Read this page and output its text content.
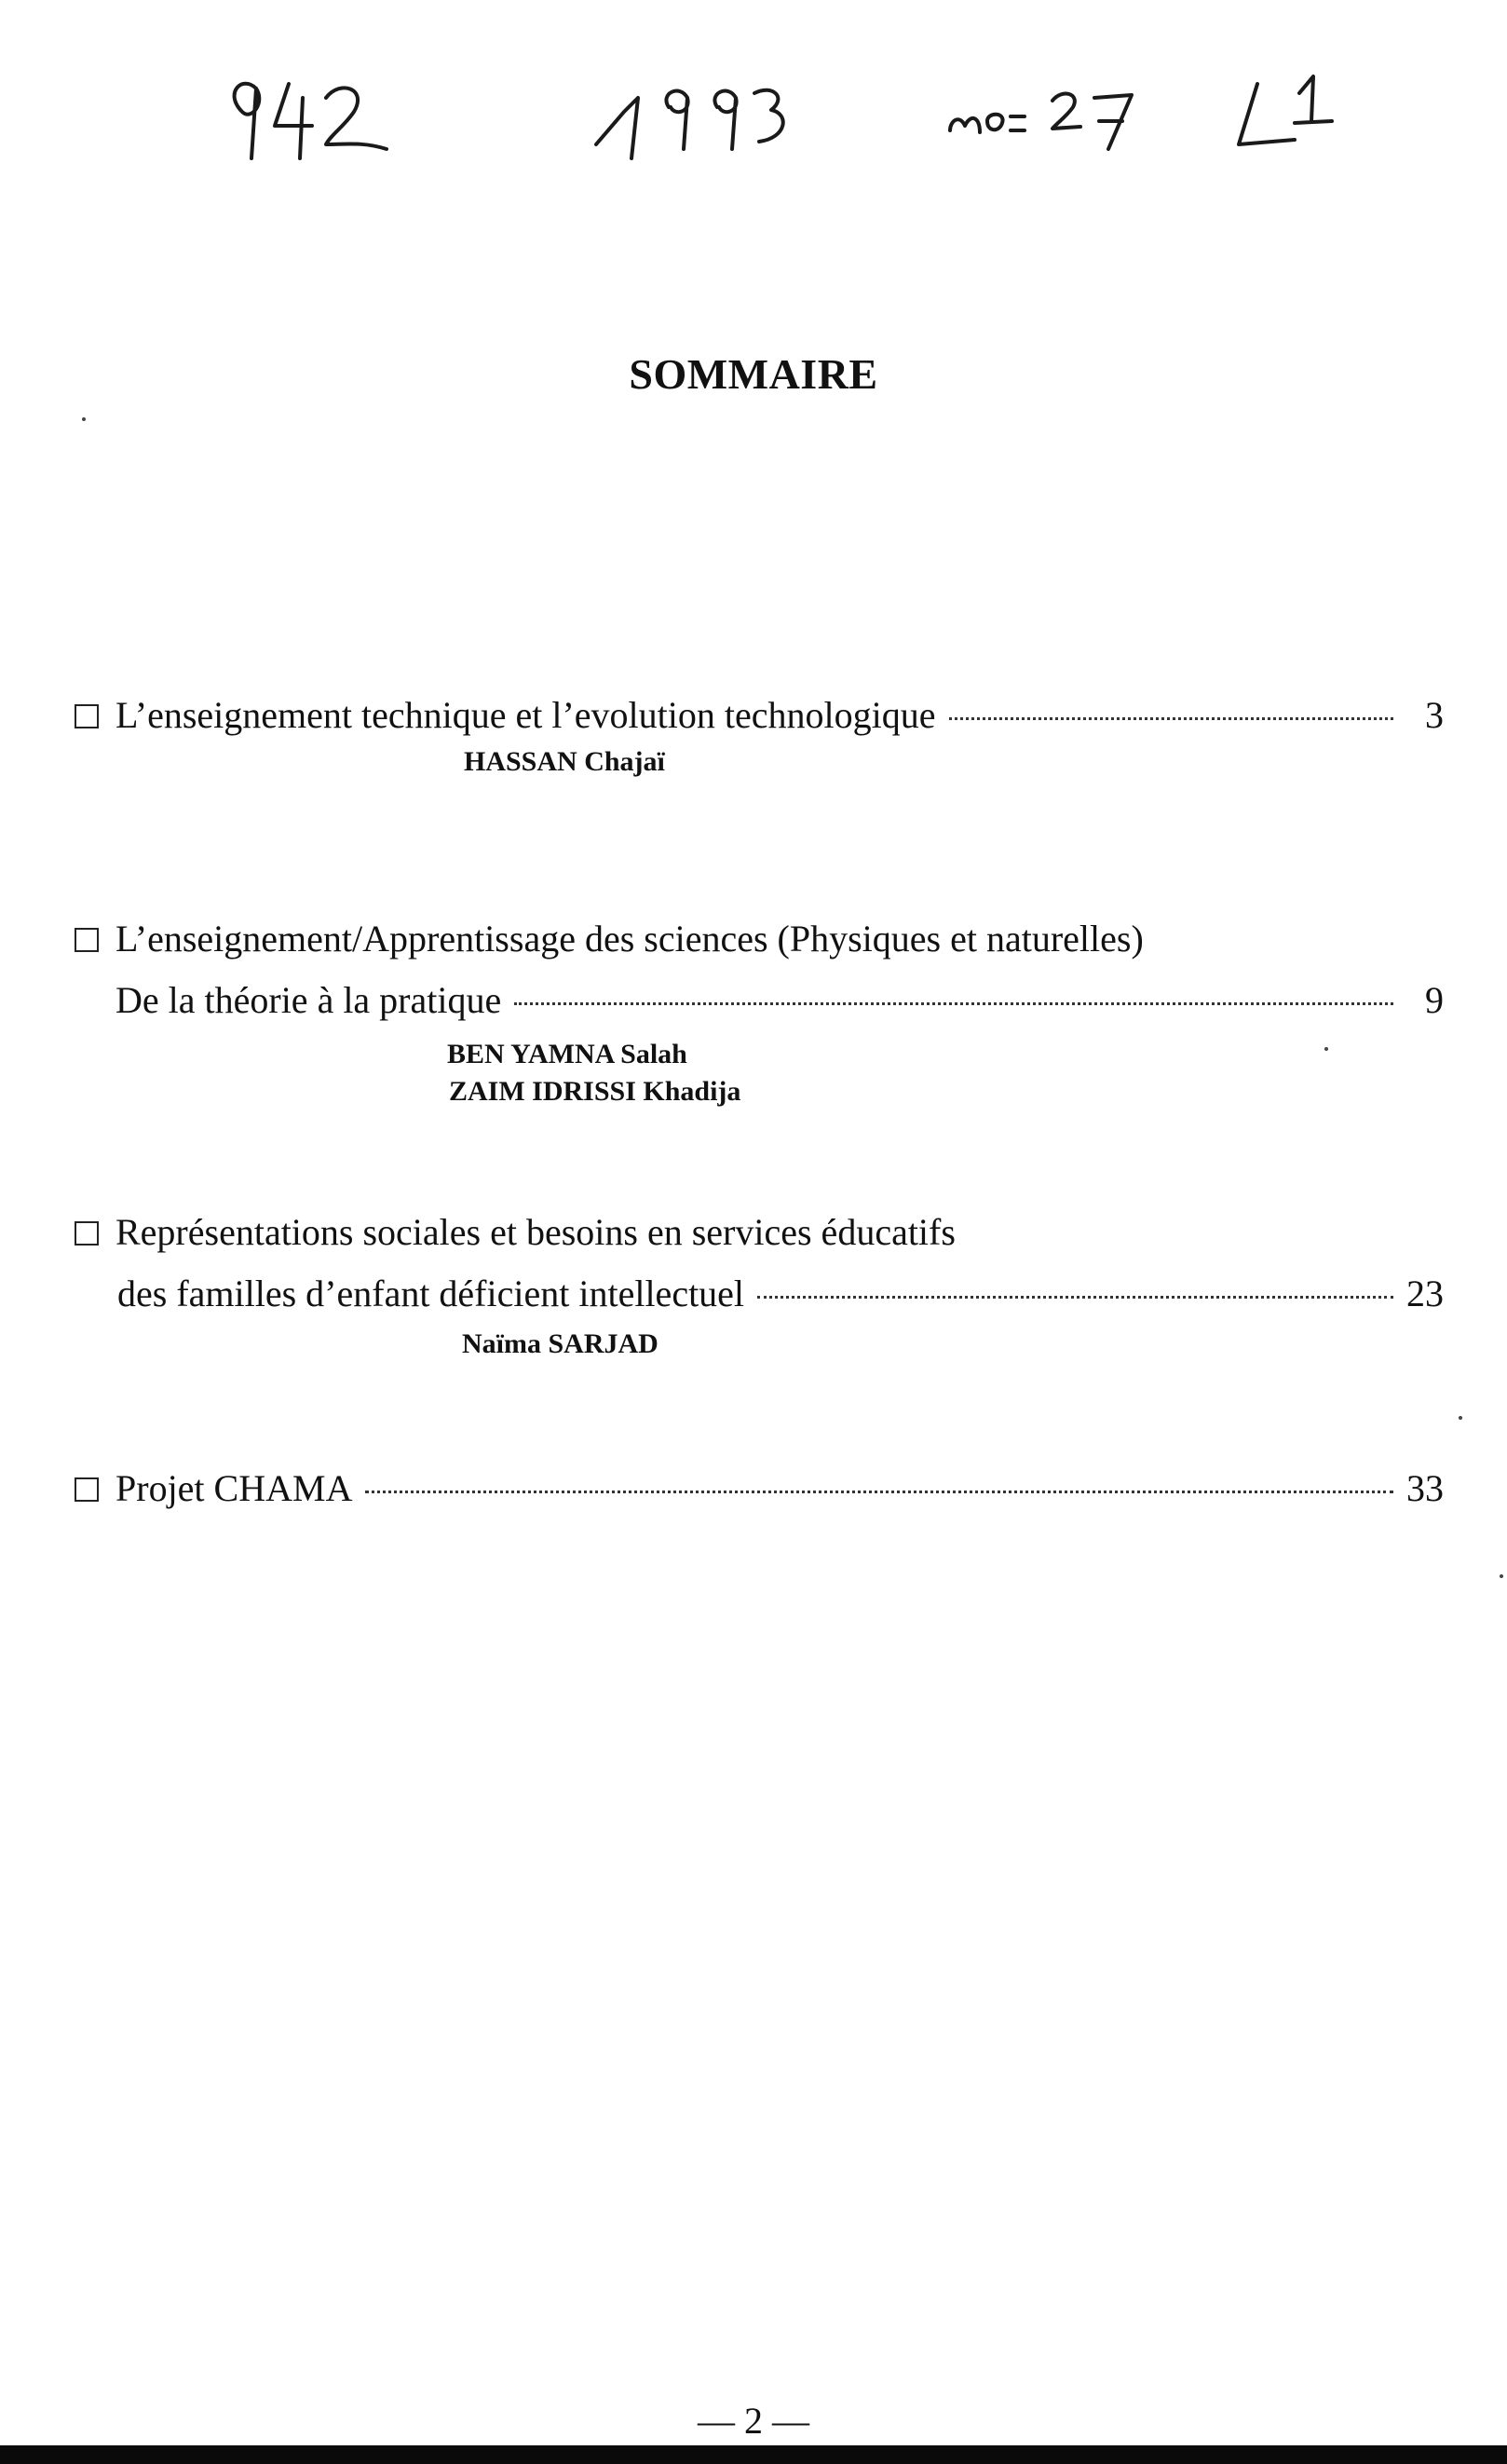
SOMMAIRE
L’enseignement technique et l’evolution technologique	3
HASSAN Chajaï
L’enseignement/Apprentissage des sciences (Physiques et naturelles)
De la théorie à la pratique	9
BEN YAMNA Salah
ZAIM IDRISSI Khadija
Représentations sociales et besoins en services éducatifs
des familles d’enfant déficient intellectuel	23
Naïma SARJAD
Projet CHAMA	33
— 2 —
